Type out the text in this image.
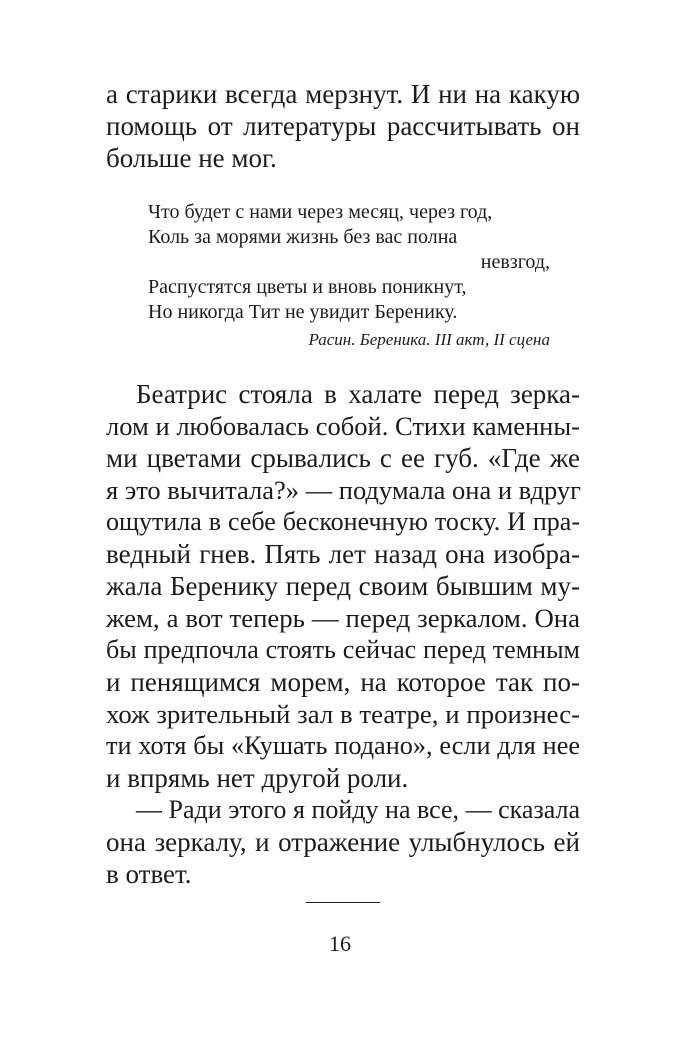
а старики всегда мерзнут. И ни на какую
помощь от литературы рассчитывать он
больше не мог.
Что будет с нами через месяц, через год,
Коль за морями жизнь без вас полна
невзгод,
Распустятся цветы и вновь поникнут,
Но никогда Тит не увидит Беренику.
Расин. Береника. III акт, II сцена
Беатрис стояла в халате перед зерка-
лом и любовалась собой. Стихи каменны-
ми цветами срывались с ее губ. «Где же
я это вычитала?» — подумала она и вдруг
ощутила в себе бесконечную тоску. И пра-
ведный гнев. Пять лет назад она изобра-
жала Беренику перед своим бывшим му-
жем, а вот теперь — перед зеркалом. Она
бы предпочла стоять сейчас перед темным
и пенящимся морем, на которое так по-
хож зрительный зал в театре, и произнес-
ти хотя бы «Кушать подано», если для нее
и впрямь нет другой роли.
— Ради этого я пойду на все, — сказала
она зеркалу, и отражение улыбнулось ей
в ответ.
16
